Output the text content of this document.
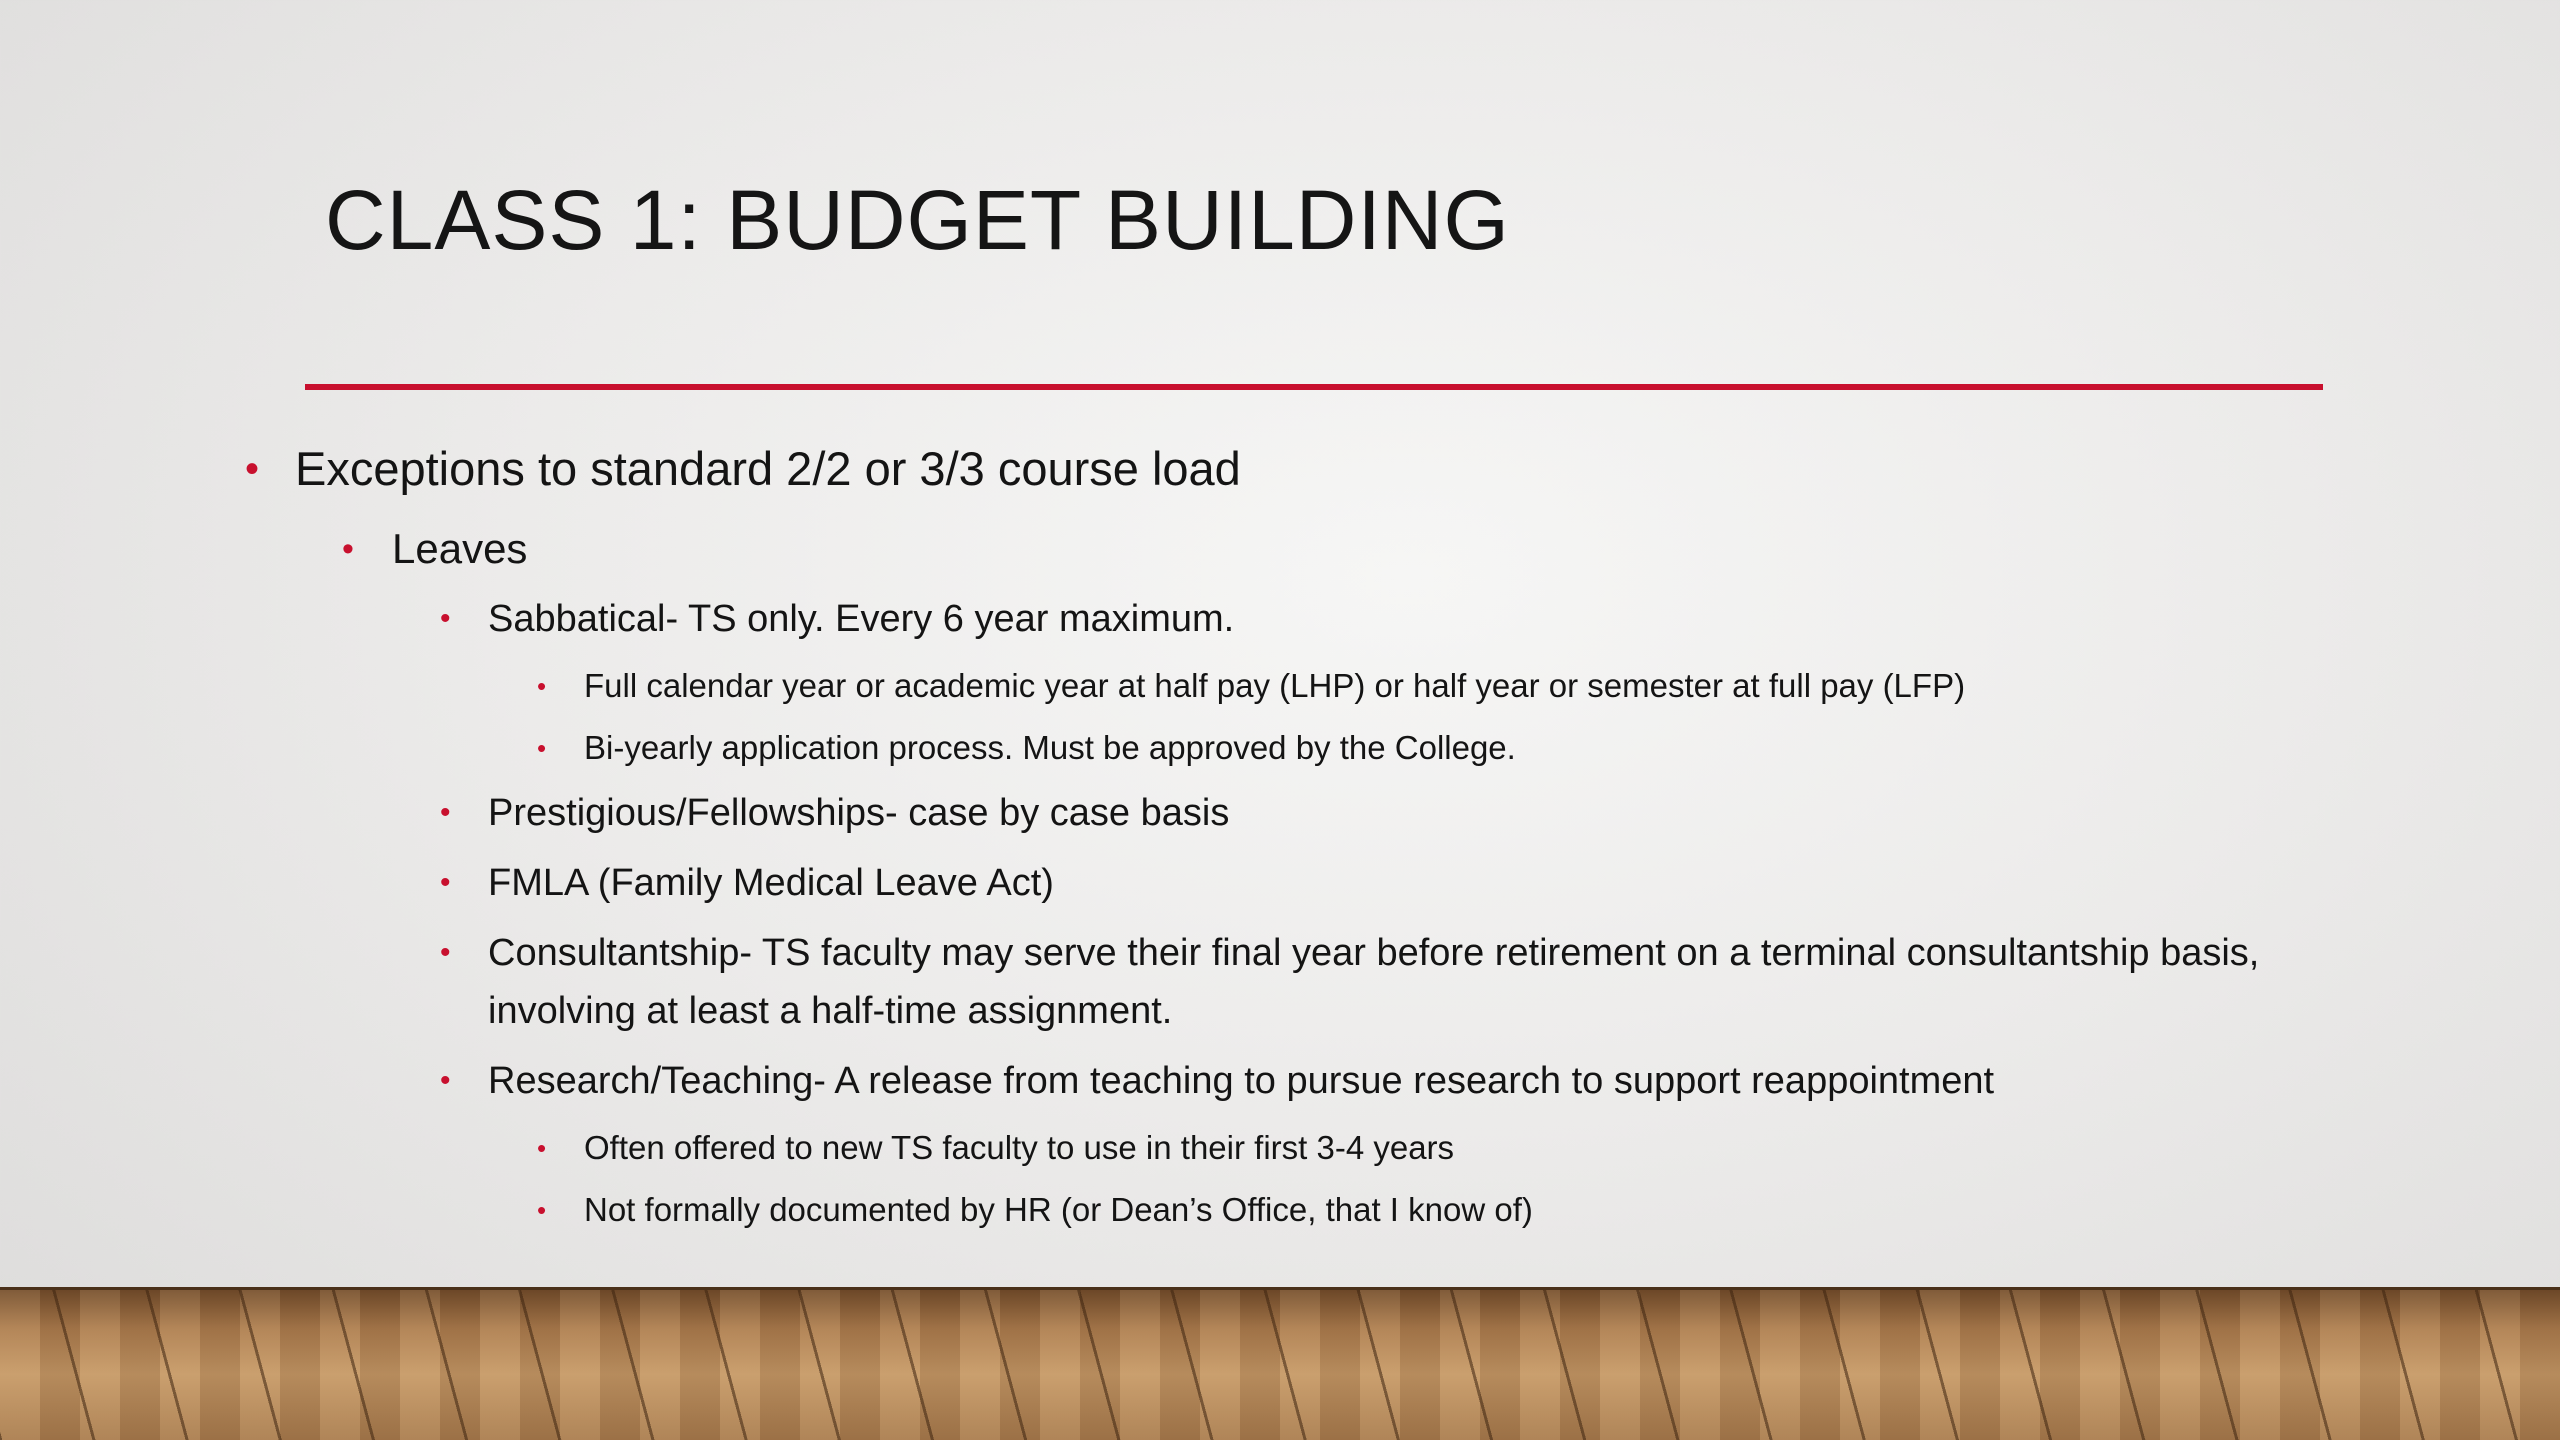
CLASS 1: BUDGET BUILDING
• Exceptions to standard 2/2 or 3/3 course load
• Leaves
• Sabbatical- TS only. Every 6 year maximum.
• Full calendar year or academic year at half pay (LHP) or half year or semester at full pay (LFP)
• Bi-yearly application process. Must be approved by the College.
• Prestigious/Fellowships- case by case basis
• FMLA (Family Medical Leave Act)
• Consultantship- TS faculty may serve their final year before retirement on a terminal consultantship basis, involving at least a half-time assignment.
• Research/Teaching- A release from teaching to pursue research to support reappointment
• Often offered to new TS faculty to use in their first 3-4 years
• Not formally documented by HR (or Dean’s Office, that I know of)
